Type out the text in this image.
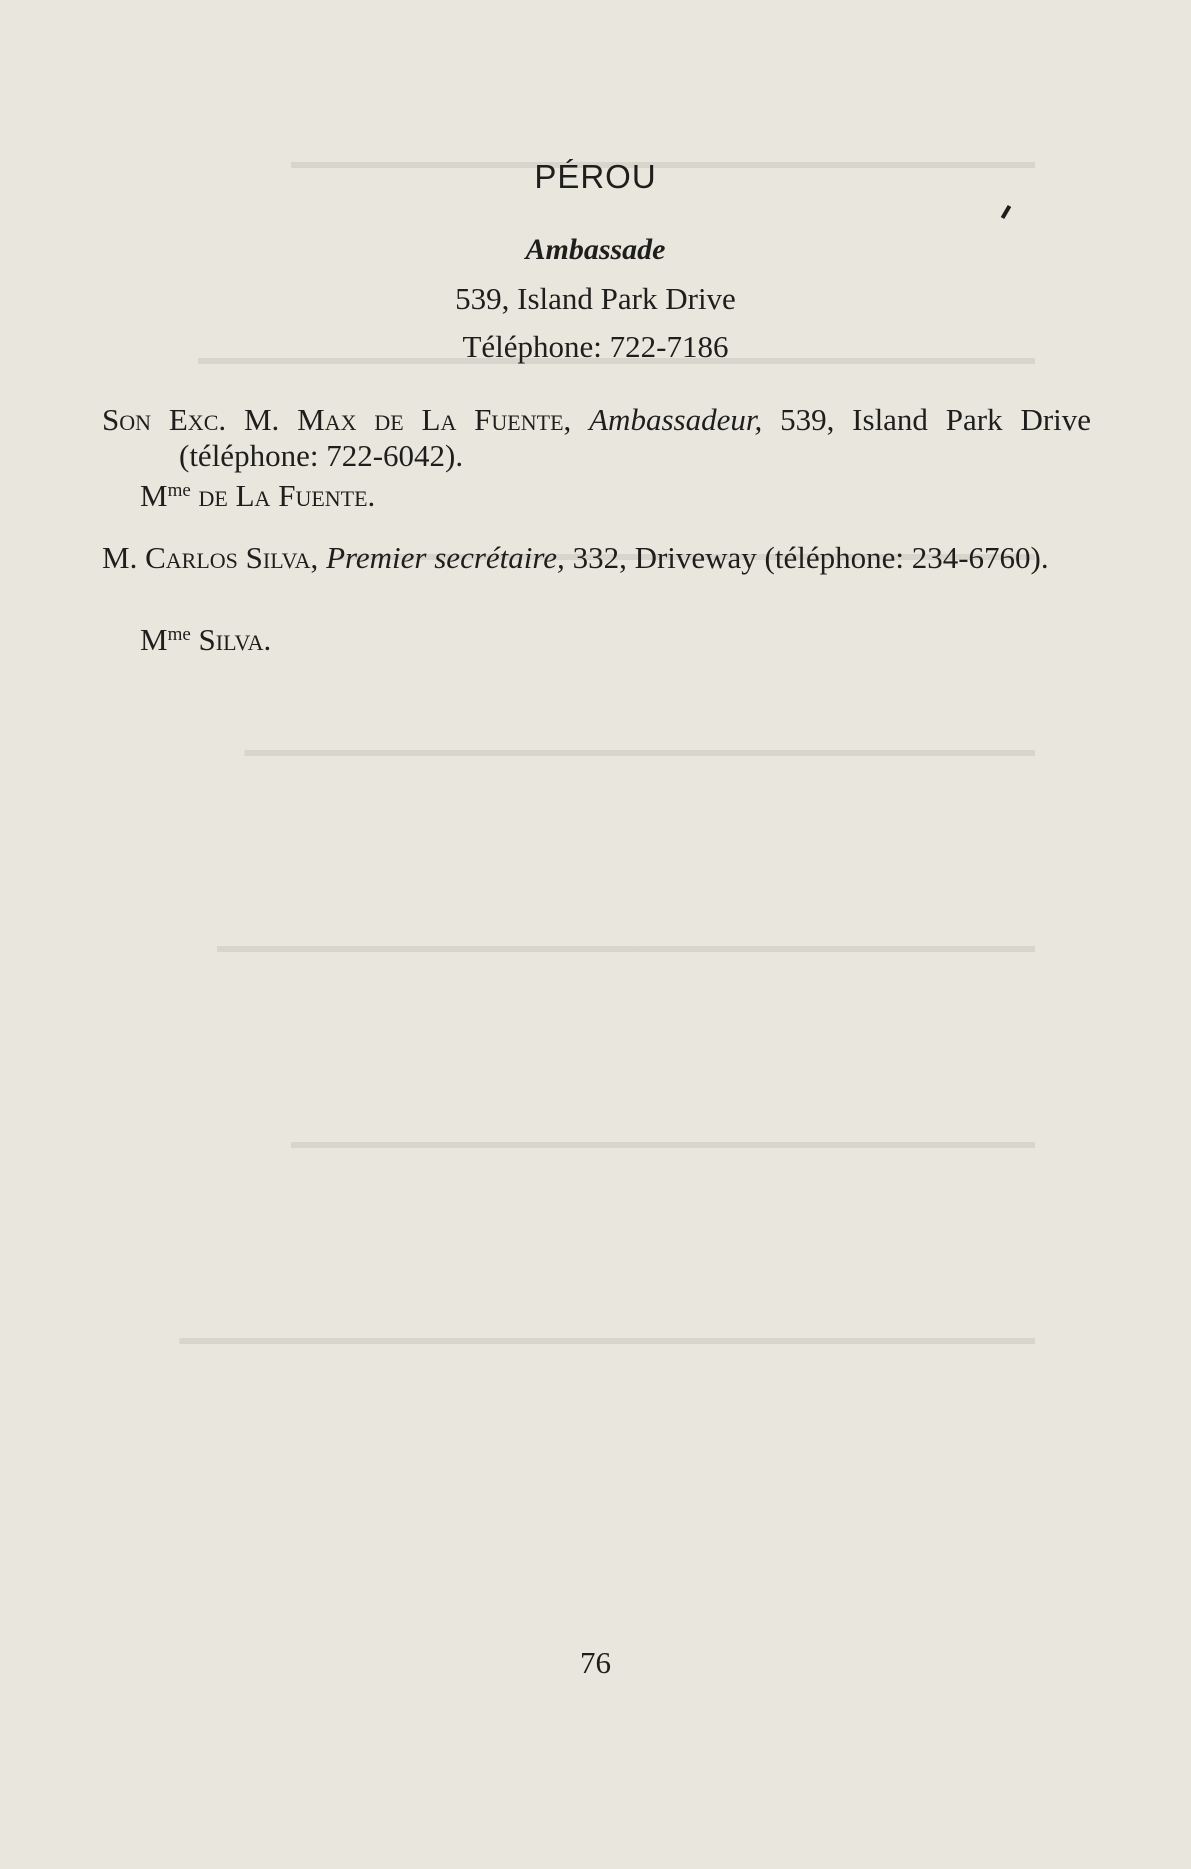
PÉROU
Ambassade
539, Island Park Drive
Téléphone: 722-7186
Son Exc. M. Max de La Fuente, Ambassadeur, 539, Island Park Drive (téléphone: 722-6042).
$M^{me}$ de La Fuente.
M. Carlos Silva, Premier secrétaire, 332, Driveway (téléphone: 234-6760).
$M^{me}$ Silva.
76
